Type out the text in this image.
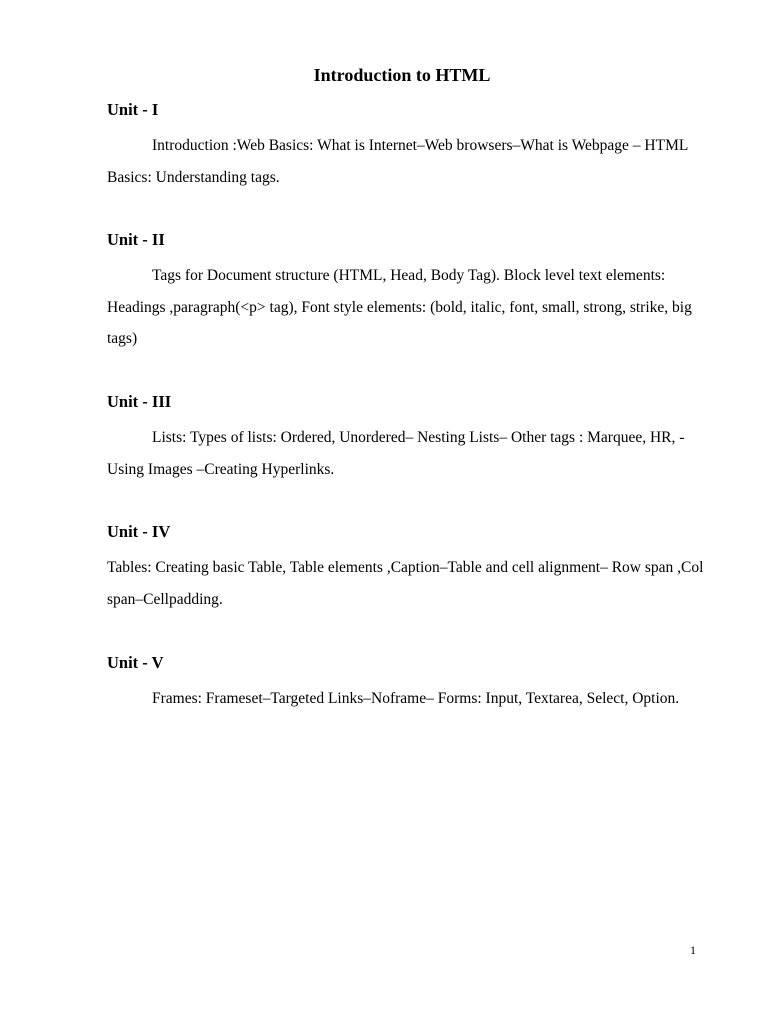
Introduction to HTML
Unit - I

Introduction :Web Basics: What is Internet–Web browsers–What is Webpage – HTML Basics: Understanding tags.

Unit - II

Tags for Document structure (HTML, Head, Body Tag). Block level text elements: Headings ,paragraph(<p> tag), Font style elements: (bold, italic, font, small, strong, strike, big tags)

Unit - III

Lists: Types of lists: Ordered, Unordered– Nesting Lists– Other tags : Marquee, HR, - Using Images –Creating Hyperlinks.

Unit - IV

Tables: Creating basic Table, Table elements ,Caption–Table and cell alignment– Row span ,Col span–Cellpadding.

Unit - V

Frames: Frameset–Targeted Links–Noframe– Forms: Input, Textarea, Select, Option.

1
